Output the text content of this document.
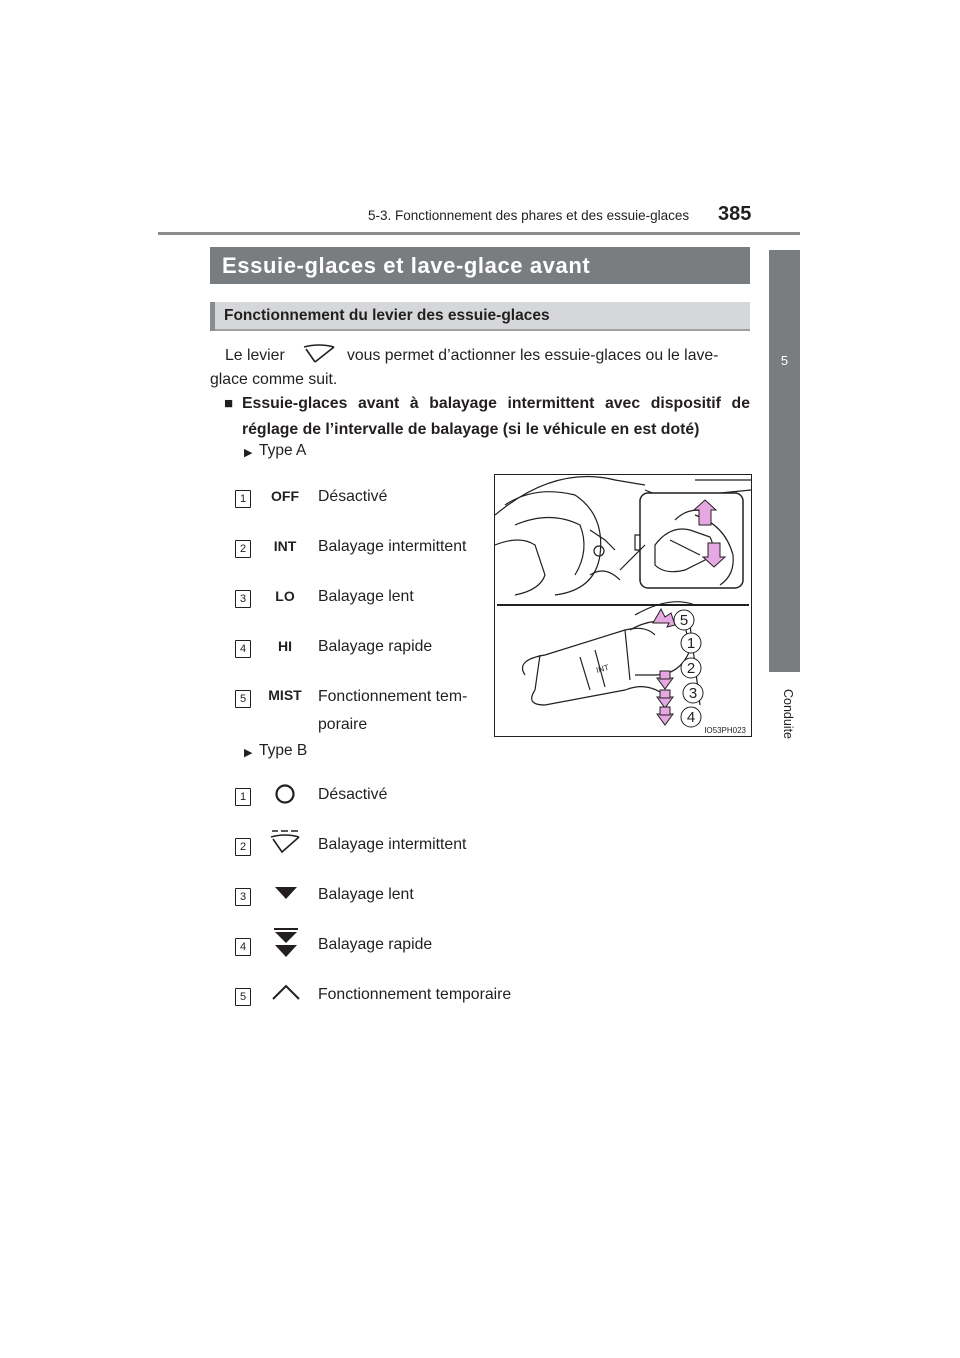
5-3. Fonctionnement des phares et des essuie-glaces 385
5
Conduite
Essuie-glaces et lave-glace avant
Fonctionnement du levier des essuie-glaces
Le levier	vous permet d’actionner les essuie-glaces ou le lave-
glace comme suit.
■ Essuie-glaces avant à balayage intermittent avec dispositif de réglage de l’intervalle de balayage (si le véhicule en est doté)
▶ Type A
1	OFF	Désactivé
2	INT	Balayage intermittent
3	LO	Balayage lent
4	HI	Balayage rapide
5	MIST	Fonctionnement tem-
poraire
INT
5
1
2
3
4
IO53PH023
▶ Type B
1	Désactivé
2	Balayage intermittent
3	Balayage lent
4	Balayage rapide
5	Fonctionnement temporaire
